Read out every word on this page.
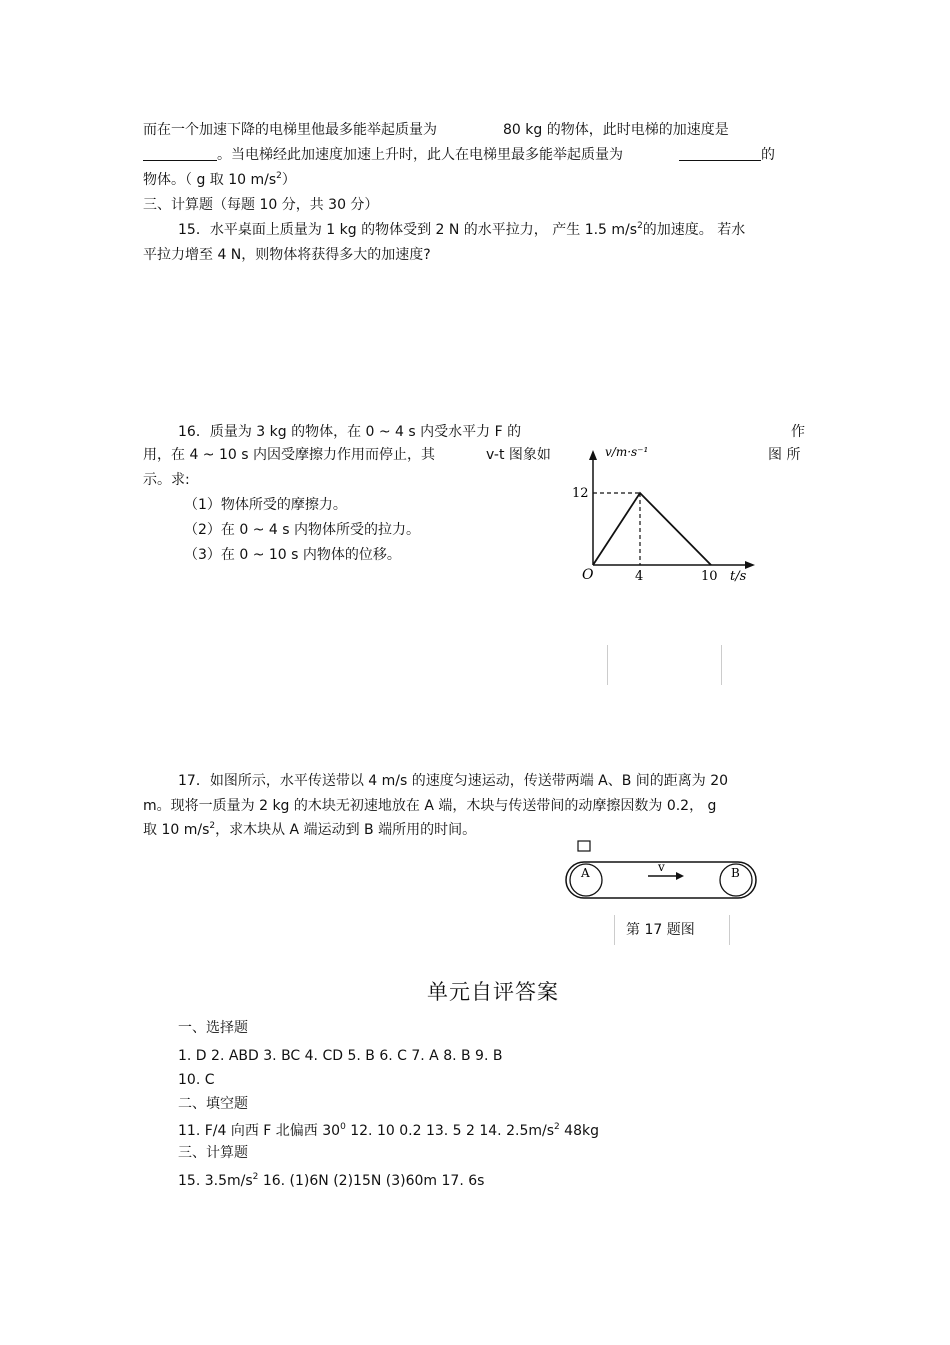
而在一个加速下降的电梯里他最多能举起质量为	80 kg 的物体，此时电梯的加速度是
。当电梯经此加速度加速上升时，此人在电梯里最多能举起质量为	的
物体。（ g 取 10 $m/s^2$）
三、计算题（每题 10 分，共 30 分）
15．水平桌面上质量为 1 kg 的物体受到 2 N 的水平拉力， 产生 1.5 $m/s^2$的加速度。 若水
平拉力增至 4 N，则物体将获得多大的加速度?
16．质量为 3 kg 的物体，在 0 ~ 4 s 内受水平力 F 的	作
用，在 4 ~ 10 s 内因受摩擦力作用而停止，其	v-t 图象如	图 所
示。求:
（1）物体所受的摩擦力。
（2）在 0 ~ 4 s 内物体所受的拉力。
（3）在 0 ~ 10 s 内物体的位移。
v/m·s⁻¹
t/s
O
12
4	10
17．如图所示，水平传送带以 4 m/s 的速度匀速运动，传送带两端 A、B 间的距离为 20
m。现将一质量为 2 kg 的木块无初速地放在 A 端，木块与传送带间的动摩擦因数为 0.2， g
取 10 $m/s^2$，求木块从 A 端运动到 B 端所用的时间。
A	B
v
第 17 题图
单元自评答案
一、选择题
1. D 2. ABD 3. BC 4. CD 5. B 6. C 7. A 8. B 9. B
10. C
二、填空题
11. F/4 向西 F 北偏西 $30^0$ 12. 10 0.2 13. 5 2 14. $2.5m/s^2$ 48kg
三、计算题
15. $3.5m/s^2$ 16. (1)6N (2)15N (3)60m 17. 6s
